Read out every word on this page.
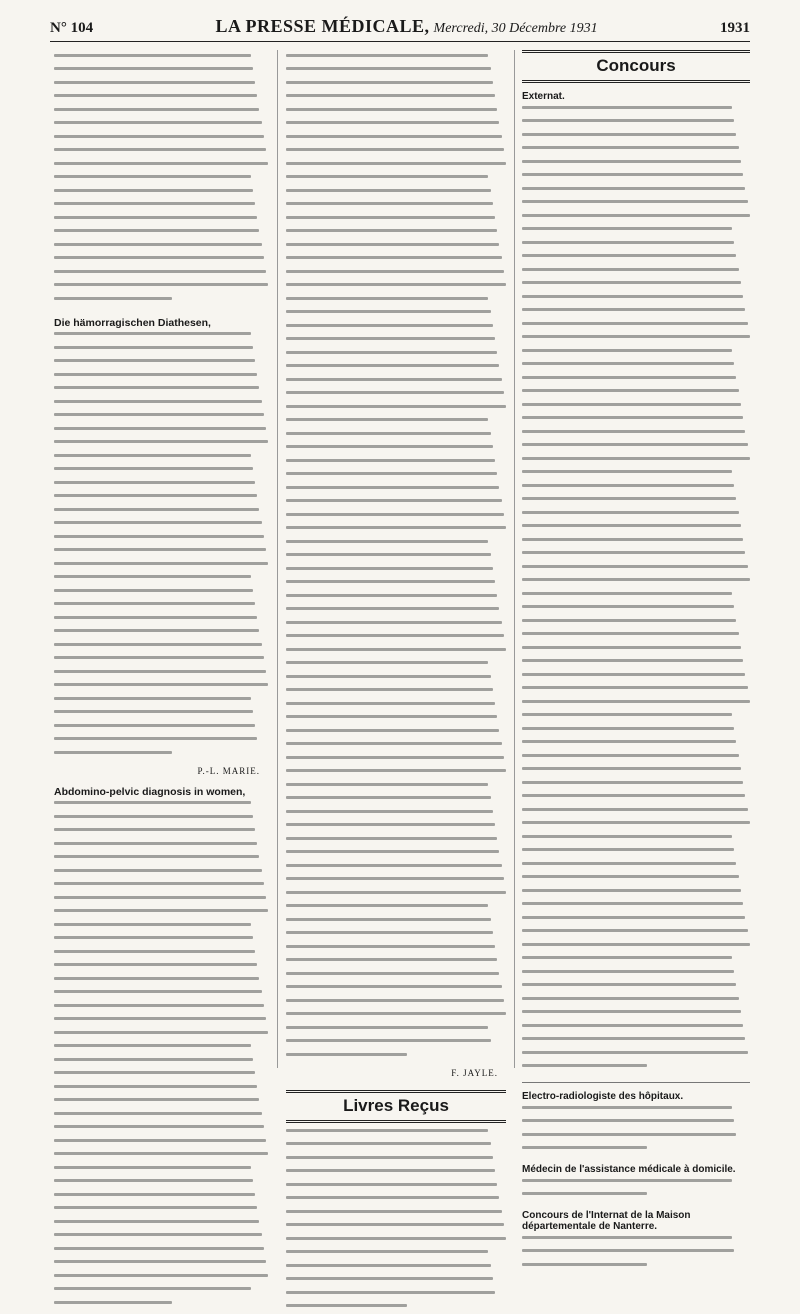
N° 104	LA PRESSE MÉDICALE, Mercredi, 30 Décembre 1931	1931
Die hämorragischen Diathesen,
P.-L. MARIE.
Abdomino-pelvic diagnosis in women,
F. JAYLE.
Livres Reçus
Concours
Externat.
Electro-radiologiste des hôpitaux.
Médecin de l'assistance médicale à domicile.
Concours de l'Internat de la Maison départementale de Nanterre.
